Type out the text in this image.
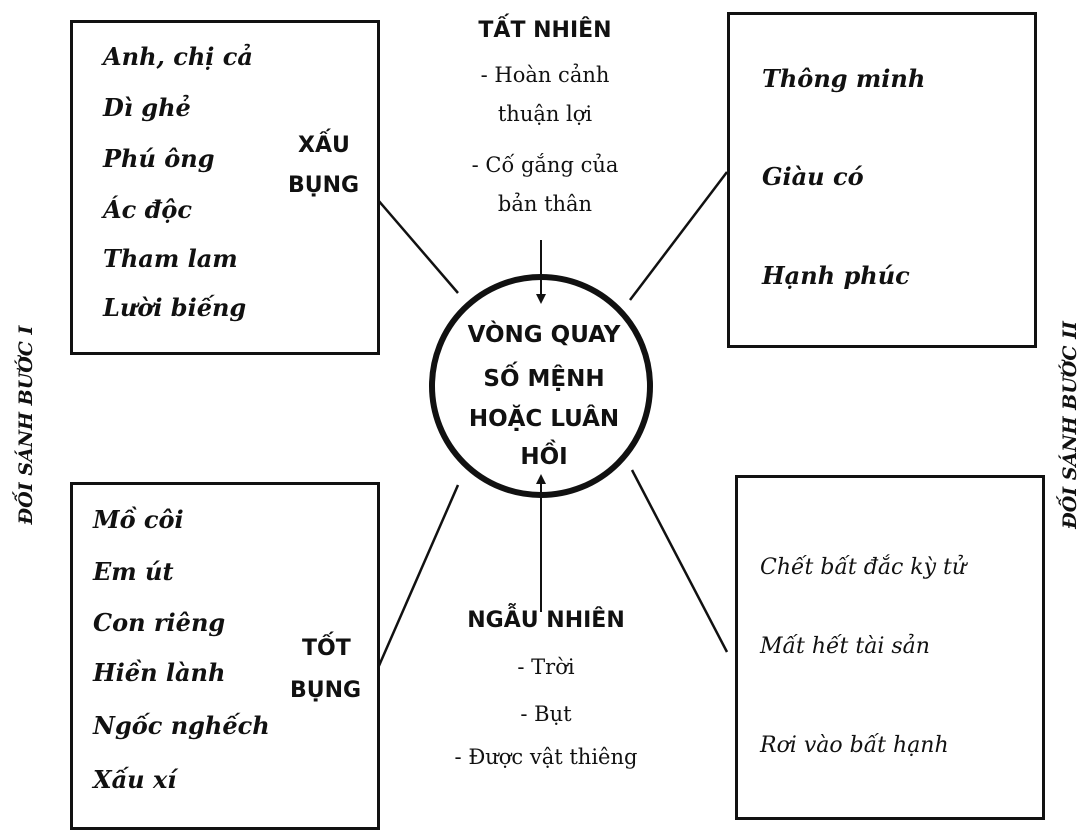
ĐỐI SÁNH BƯỚC I	ĐỐI SÁNH BƯỚC II
Anh, chị cả
Dì ghẻ
Phú ông
Ác độc
Tham lam
Lười biếng
XẤU
BỤNG
Mồ côi
Em út
Con riêng
Hiền lành
Ngốc nghếch
Xấu xí
TỐT
BỤNG
Thông minh
Giàu có
Hạnh phúc
Chết bất đắc kỳ tử
Mất hết tài sản
Rơi vào bất hạnh
TẤT NHIÊN
- Hoàn cảnh
thuận lợi
- Cố gắng của
bản thân
VÒNG QUAY
SỐ MỆNH
HOẶC LUÂN
HỒI
NGẪU NHIÊN
- Trời
- Bụt
- Được vật thiêng
